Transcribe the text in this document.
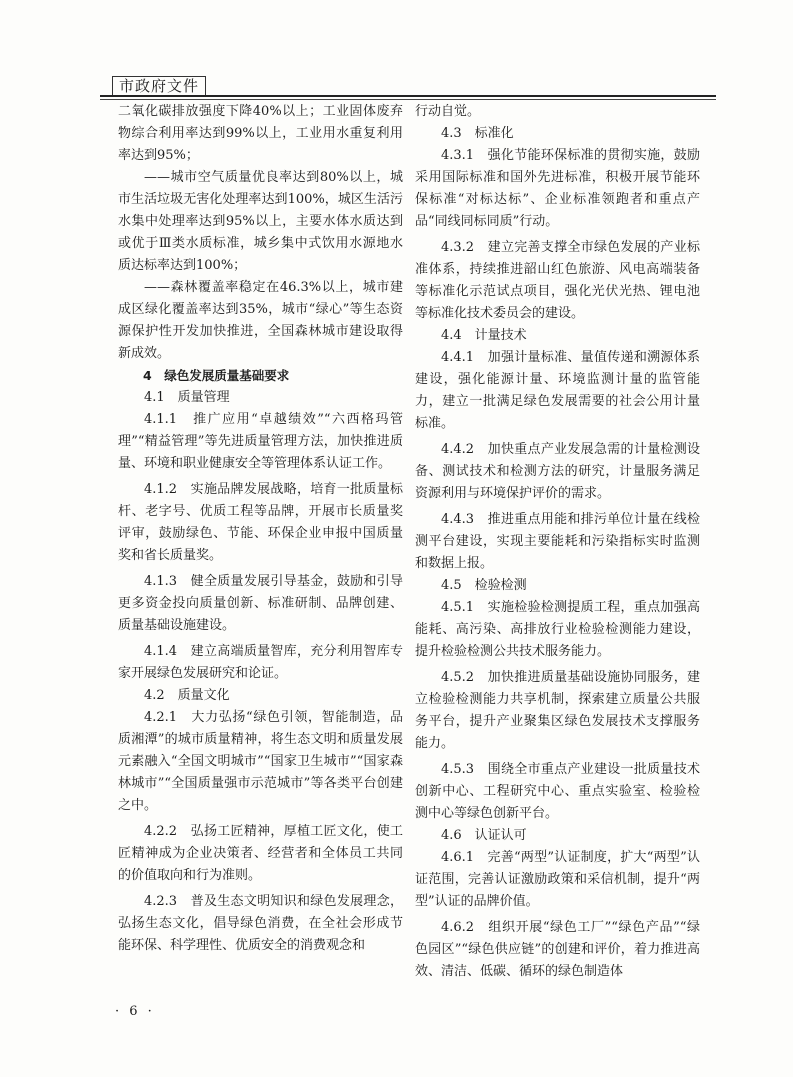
市政府文件

二氧化碳排放强度下降40%以上；工业固体废弃物综合利用率达到99%以上，工业用水重复利用率达到95%；

——城市空气质量优良率达到80%以上，城市生活垃圾无害化处理率达到100%，城区生活污水集中处理率达到95%以上，主要水体水质达到或优于Ⅲ类水质标准，城乡集中式饮用水源地水质达标率达到100%；

——森林覆盖率稳定在46.3%以上，城市建成区绿化覆盖率达到35%，城市“绿心”等生态资源保护性开发加快推进，全国森林城市建设取得新成效。

4　绿色发展质量基础要求

4.1　质量管理

4.1.1　推广应用“卓越绩效”“六西格玛管理”“精益管理”等先进质量管理方法，加快推进质量、环境和职业健康安全等管理体系认证工作。

4.1.2　实施品牌发展战略，培育一批质量标杆、老字号、优质工程等品牌，开展市长质量奖评审，鼓励绿色、节能、环保企业申报中国质量奖和省长质量奖。

4.1.3　健全质量发展引导基金，鼓励和引导更多资金投向质量创新、标准研制、品牌创建、质量基础设施建设。

4.1.4　建立高端质量智库，充分利用智库专家开展绿色发展研究和论证。

4.2　质量文化

4.2.1　大力弘扬“绿色引领，智能制造，品质湘潭”的城市质量精神，将生态文明和质量发展元素融入“全国文明城市”“国家卫生城市”“国家森林城市”“全国质量强市示范城市”等各类平台创建之中。

4.2.2　弘扬工匠精神，厚植工匠文化，使工匠精神成为企业决策者、经营者和全体员工共同的价值取向和行为准则。

4.2.3　普及生态文明知识和绿色发展理念，弘扬生态文化，倡导绿色消费，在全社会形成节能环保、科学理性、优质安全的消费观念和

行动自觉。

4.3　标准化

4.3.1　强化节能环保标准的贯彻实施，鼓励采用国际标准和国外先进标准，积极开展节能环保标准“对标达标”、企业标准领跑者和重点产品“同线同标同质”行动。

4.3.2　建立完善支撑全市绿色发展的产业标准体系，持续推进韶山红色旅游、风电高端装备等标准化示范试点项目，强化光伏光热、锂电池等标准化技术委员会的建设。

4.4　计量技术

4.4.1　加强计量标准、量值传递和溯源体系建设，强化能源计量、环境监测计量的监管能力，建立一批满足绿色发展需要的社会公用计量标准。

4.4.2　加快重点产业发展急需的计量检测设备、测试技术和检测方法的研究，计量服务满足资源利用与环境保护评价的需求。

4.4.3　推进重点用能和排污单位计量在线检测平台建设，实现主要能耗和污染指标实时监测和数据上报。

4.5　检验检测

4.5.1　实施检验检测提质工程，重点加强高能耗、高污染、高排放行业检验检测能力建设，提升检验检测公共技术服务能力。

4.5.2　加快推进质量基础设施协同服务，建立检验检测能力共享机制，探索建立质量公共服务平台，提升产业聚集区绿色发展技术支撑服务能力。

4.5.3　围绕全市重点产业建设一批质量技术创新中心、工程研究中心、重点实验室、检验检测中心等绿色创新平台。

4.6　认证认可

4.6.1　完善“两型”认证制度，扩大“两型”认证范围，完善认证激励政策和采信机制，提升“两型”认证的品牌价值。

4.6.2　组织开展“绿色工厂”“绿色产品”“绿色园区”“绿色供应链”的创建和评价，着力推进高效、清洁、低碳、循环的绿色制造体

· 6 ·
